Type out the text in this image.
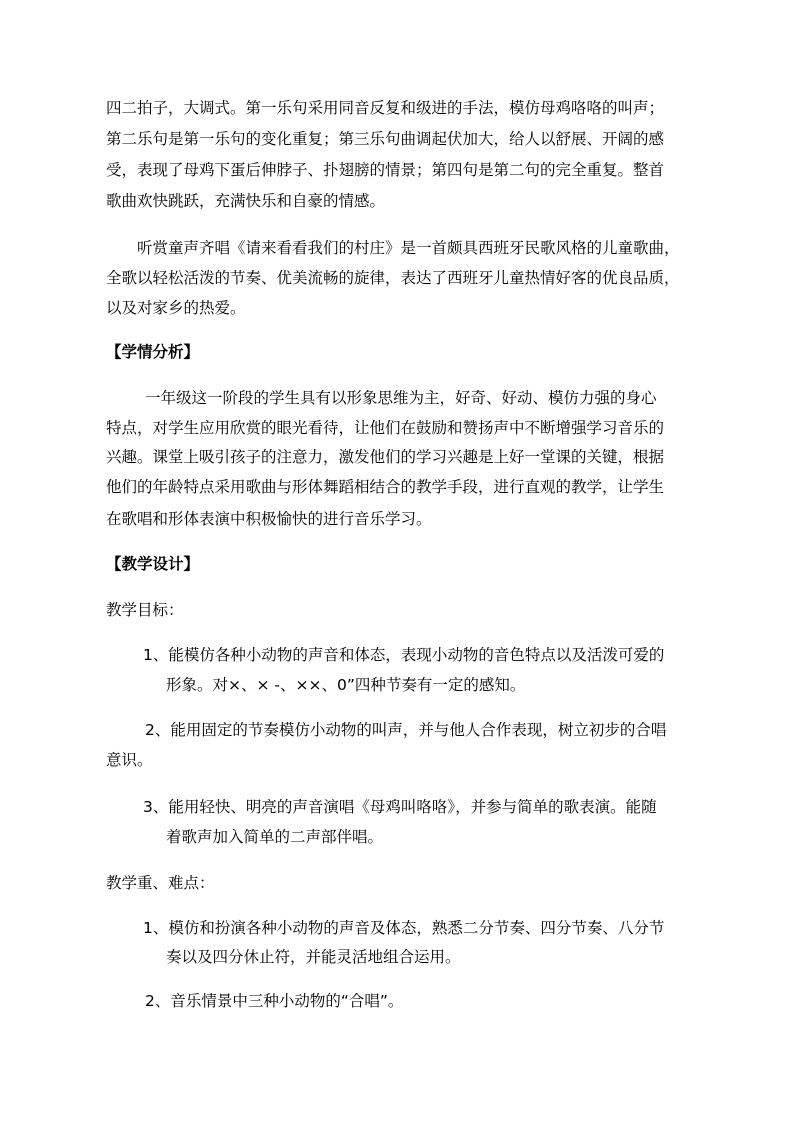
四二拍子，大调式。第一乐句采用同音反复和级进的手法，模仿母鸡咯咯的叫声；
第二乐句是第一乐句的变化重复；第三乐句曲调起伏加大，给人以舒展、开阔的感
受，表现了母鸡下蛋后伸脖子、扑翅膀的情景；第四句是第二句的完全重复。整首
歌曲欢快跳跃，充满快乐和自豪的情感。
听赏童声齐唱《请来看看我们的村庄》是一首颇具西班牙民歌风格的儿童歌曲，
全歌以轻松活泼的节奏、优美流畅的旋律，表达了西班牙儿童热情好客的优良品质，
以及对家乡的热爱。
【学情分析】
一年级这一阶段的学生具有以形象思维为主，好奇、好动、模仿力强的身心
特点，对学生应用欣赏的眼光看待，让他们在鼓励和赞扬声中不断增强学习音乐的
兴趣。课堂上吸引孩子的注意力，激发他们的学习兴趣是上好一堂课的关键，根据
他们的年龄特点采用歌曲与形体舞蹈相结合的教学手段，进行直观的教学，让学生
在歌唱和形体表演中积极愉快的进行音乐学习。
【教学设计】
教学目标：
1、能模仿各种小动物的声音和体态，表现小动物的音色特点以及活泼可爱的
形象。对×、× -、××、0”四种节奏有一定的感知。
2、能用固定的节奏模仿小动物的叫声，并与他人合作表现，树立初步的合唱
意识。
3、能用轻快、明亮的声音演唱《母鸡叫咯咯》，并参与简单的歌表演。能随
着歌声加入简单的二声部伴唱。
教学重、难点：
1、模仿和扮演各种小动物的声音及体态，熟悉二分节奏、四分节奏、八分节
奏以及四分休止符，并能灵活地组合运用。
2、音乐情景中三种小动物的“合唱”。
